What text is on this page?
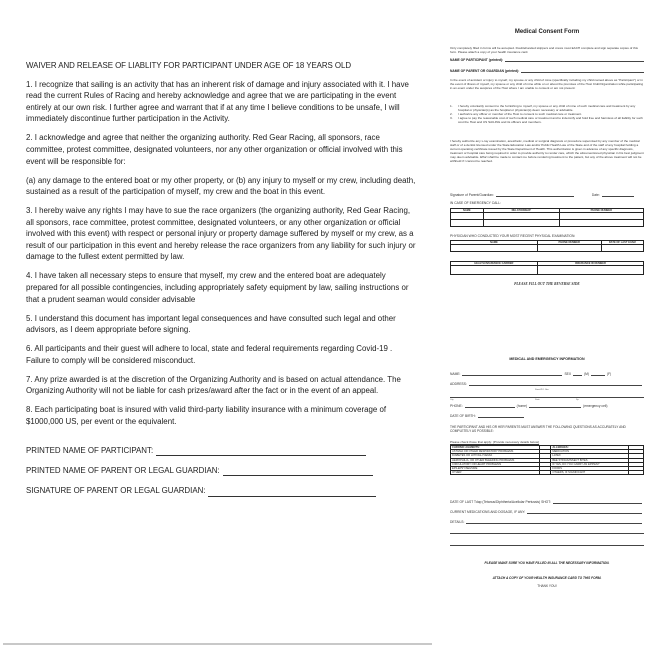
WAIVER AND RELEASE OF LIABLITY FOR PARTICIPANT UNDER AGE OF 18 YEARS OLD

1. I recognize that sailing is an activity that has an inherent risk of damage and injury associated with it. I have read the current Rules of Racing and hereby acknowledge and agree that we are participating in the event entirely at our own risk. I further agree and warrant that if at any time I believe conditions to be unsafe, I will immediately discontinue further participation in the Activity.

2. I acknowledge and agree that neither the organizing authority. Red Gear Racing, all sponsors, race committee, protest committee, designated volunteers, nor any other organization or official involved with this event will be responsible for:

(a) any damage to the entered boat or my other property, or (b) any injury to myself or my crew, including death, sustained as a result of the participation of myself, my crew and the boat in this event.

3. I hereby waive any rights I may have to sue the race organizers (the organizing authority, Red Gear Racing, all sponsors, race committee, protest committee, designated volunteers, or any other organization or official involved with this event) with respect or personal injury or property damage suffered by myself or my crew, as a result of our participation in this event and hereby release the race organizers from any liability for such injury or damage to the fullest extent permitted by law.

4. I have taken all necessary steps to ensure that myself, my crew and the entered boat are adequately prepared for all possible contingencies, including appropriately safety equipment by law, sailing instructions or that a prudent seaman would consider advisable

5. I understand this document has important legal consequences and have consulted such legal and other advisors, as I deem appropriate before signing.

6. All participants and their guest will adhere to local, state and federal requirements regarding Covid-19 . Failure to comply will be considered misconduct.

7. Any prize awarded is at the discretion of the Organizing Authority and is based on actual attendance. The Organizing Authority will not be liable for cash prizes/award after the fact or in the event of an appeal.

8. Each participating boat is insured with valid third-party liability insurance with a minimum coverage of $1000,000 US, per event or the equivalent.

PRINTED NAME OF PARTICIPANT:
PRINTED NAME OF PARENT OR LEGAL GUARDIAN:
SIGNATURE OF PARENT OR LEGAL GUARDIAN:
Medical Consent Form
Only completely filled in forms will be accepted. Doublehanded skippers and crews must EACH complete and sign separate copies of this form. Please attach a copy of your health insurance card.
NAME OF PARTICIPANT (printed):
NAME OF PARENT OR GUARDIAN (printed):
In the event of accident or injury to myself, my spouse or any child of mine (specifically including my child named above as "Participant") or in the event of illness of myself, my spouse or any child of mine while on or about the premises of the Host Club/Organization while participating in an event under the auspices of the Host where I am unable to consent or am not present:
1.	I hereby voluntarily consent to the furnishing to myself, my spouse or any child of mine of such medical care and treatment by any hospital or physician(s) as the hospital or physician(s) deem necessary or advisable.
2.	I authorize any officer or member of the Host to consent to such medical care or treatment.
3.	I agree to pay the reasonable cost of such medical care or treatment and to indemnify and hold free and harmless of all liability for such cost the Host and US SAILING and its officers and members.
I hereby authorize any x-ray examination, anesthetic, medical or surgical diagnosis or procedure supervised by any member of the medical staff or of a dentist licensed under the State Education Law and/or Public Health Law of the State and of the staff of any hospital holding a current operating certificate issued by the State Department of Health. This authorization is given in advance of any specific diagnosis, treatment or hospital care being required in order to provide authority to render care, which the aforementioned physician in his best judgment may deem advisable. Effort shall be made to contact me before rendering treatment to the patient, but any of the above treatment will not be withheld if I cannot be reached.
Signature of Parent/Guardian:	Date:
IN CASE OF EMERGENCY CALL:
NAME	RELATIONSHIP	PHONE NUMBER

PHYSICIAN WHO CONDUCTED YOUR MOST RECENT PHYSICAL EXAMINATION:
NAME	PHONE NUMBER	DATE OF LAST EXAM

HEALTH INSURANCE CARRIER	INSURANCE ID NUMBER

PLEASE FILL OUT THE REVERSE SIDE
MEDICAL AND EMERGENCY INFORMATION
NAME:	SEX	(M)	(F)
ADDRESS:
Street/P.O. Box
City	State	Zip
PHONE:	(home)	(emergency cell)
DATE OF BIRTH:
THE PARTICIPANT AND HIS OR HER PARENTS MUST ANSWER THE FOLLOWING QUESTIONS AS ACCURATELY AND COMPLETELY AS POSSIBLE:
Please check those that apply: (Provide necessary details below)
CHRONIC AILMENTS:		ALLERGIES:	
ASTHMA OR OTHER RESPIRATORY PROBLEMS		MEDICATION	
DIABETES OR HYPOGLYCEMIA		LATEX	
HEMOPHILIA, OR OTHER BLEEDING PROBLEMS		BEE STINGS/INSECT BITES	
CIRCULATORY OR HEART PROBLEMS		IF YES, DO YOU CARRY AN EPIPEN?	
EPILEPSY/SEIZURE		FOODS	
OTHER		OTHERS, IF SIGNIFICANT	
DATE OF LAST Tdap (Tetanus/Diphtheria/Acellular Pertussis) SHOT:
CURRENT MEDICATIONS AND DOSAGE, IF ANY:
DETAILS:
PLEASE MAKE SURE YOU HAVE FILLED IN ALL THE NECESSARY INFORMATION.
ATTACH A COPY OF YOUR HEALTH INSURANCE CARD TO THIS FORM.
THANK YOU!
